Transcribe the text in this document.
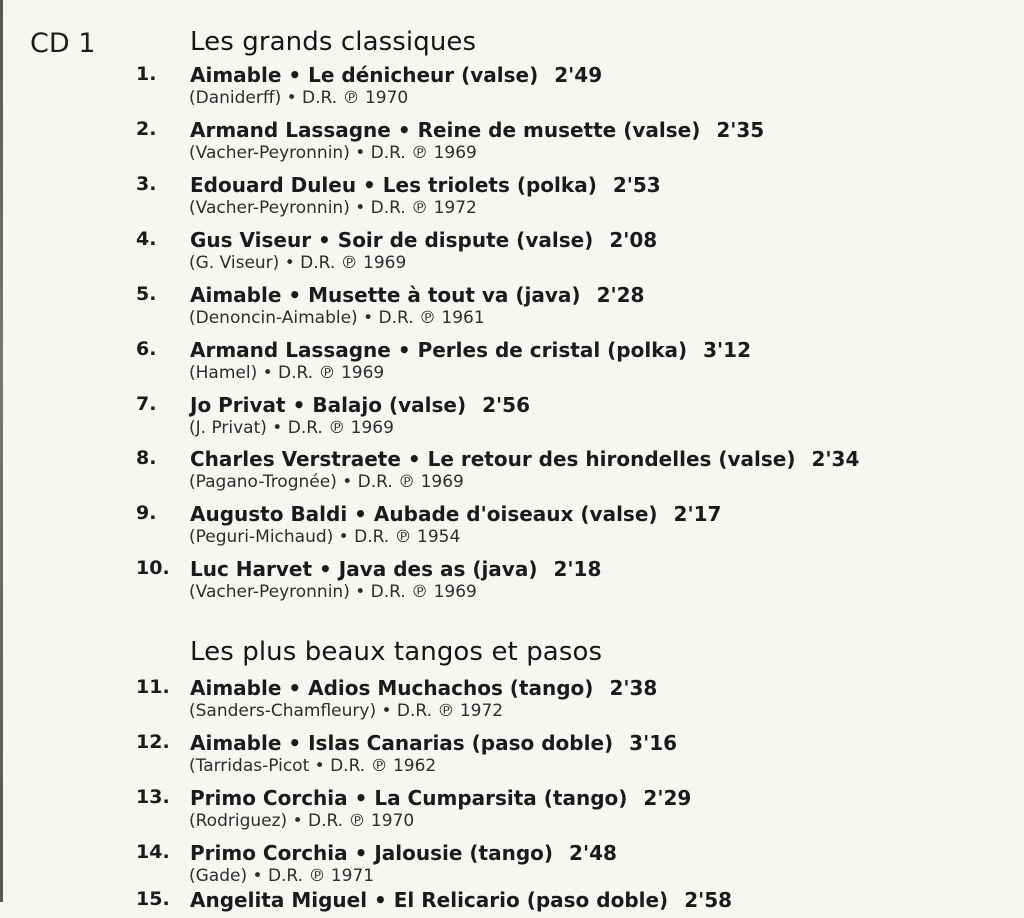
CD 1	Les grands classiques
1.	Aimable • Le dénicheur (valse) 2'49
(Daniderff) • D.R. ℗ 1970
2.	Armand Lassagne • Reine de musette (valse) 2'35
(Vacher-Peyronnin) • D.R. ℗ 1969
3.	Edouard Duleu • Les triolets (polka) 2'53
(Vacher-Peyronnin) • D.R. ℗ 1972
4.	Gus Viseur • Soir de dispute (valse) 2'08
(G. Viseur) • D.R. ℗ 1969
5.	Aimable • Musette à tout va (java) 2'28
(Denoncin-Aimable) • D.R. ℗ 1961
6.	Armand Lassagne • Perles de cristal (polka) 3'12
(Hamel) • D.R. ℗ 1969
7.	Jo Privat • Balajo (valse) 2'56
(J. Privat) • D.R. ℗ 1969
8.	Charles Verstraete • Le retour des hirondelles (valse) 2'34
(Pagano-Trognée) • D.R. ℗ 1969
9.	Augusto Baldi • Aubade d'oiseaux (valse) 2'17
(Peguri-Michaud) • D.R. ℗ 1954
10.	Luc Harvet • Java des as (java) 2'18
(Vacher-Peyronnin) • D.R. ℗ 1969
Les plus beaux tangos et pasos
11.	Aimable • Adios Muchachos (tango) 2'38
(Sanders-Chamfleury) • D.R. ℗ 1972
12.	Aimable • Islas Canarias (paso doble) 3'16
(Tarridas-Picot • D.R. ℗ 1962
13.	Primo Corchia • La Cumparsita (tango) 2'29
(Rodriguez) • D.R. ℗ 1970
14.	Primo Corchia • Jalousie (tango) 2'48
(Gade) • D.R. ℗ 1971
15.	Angelita Miguel • El Relicario (paso doble) 2'58
